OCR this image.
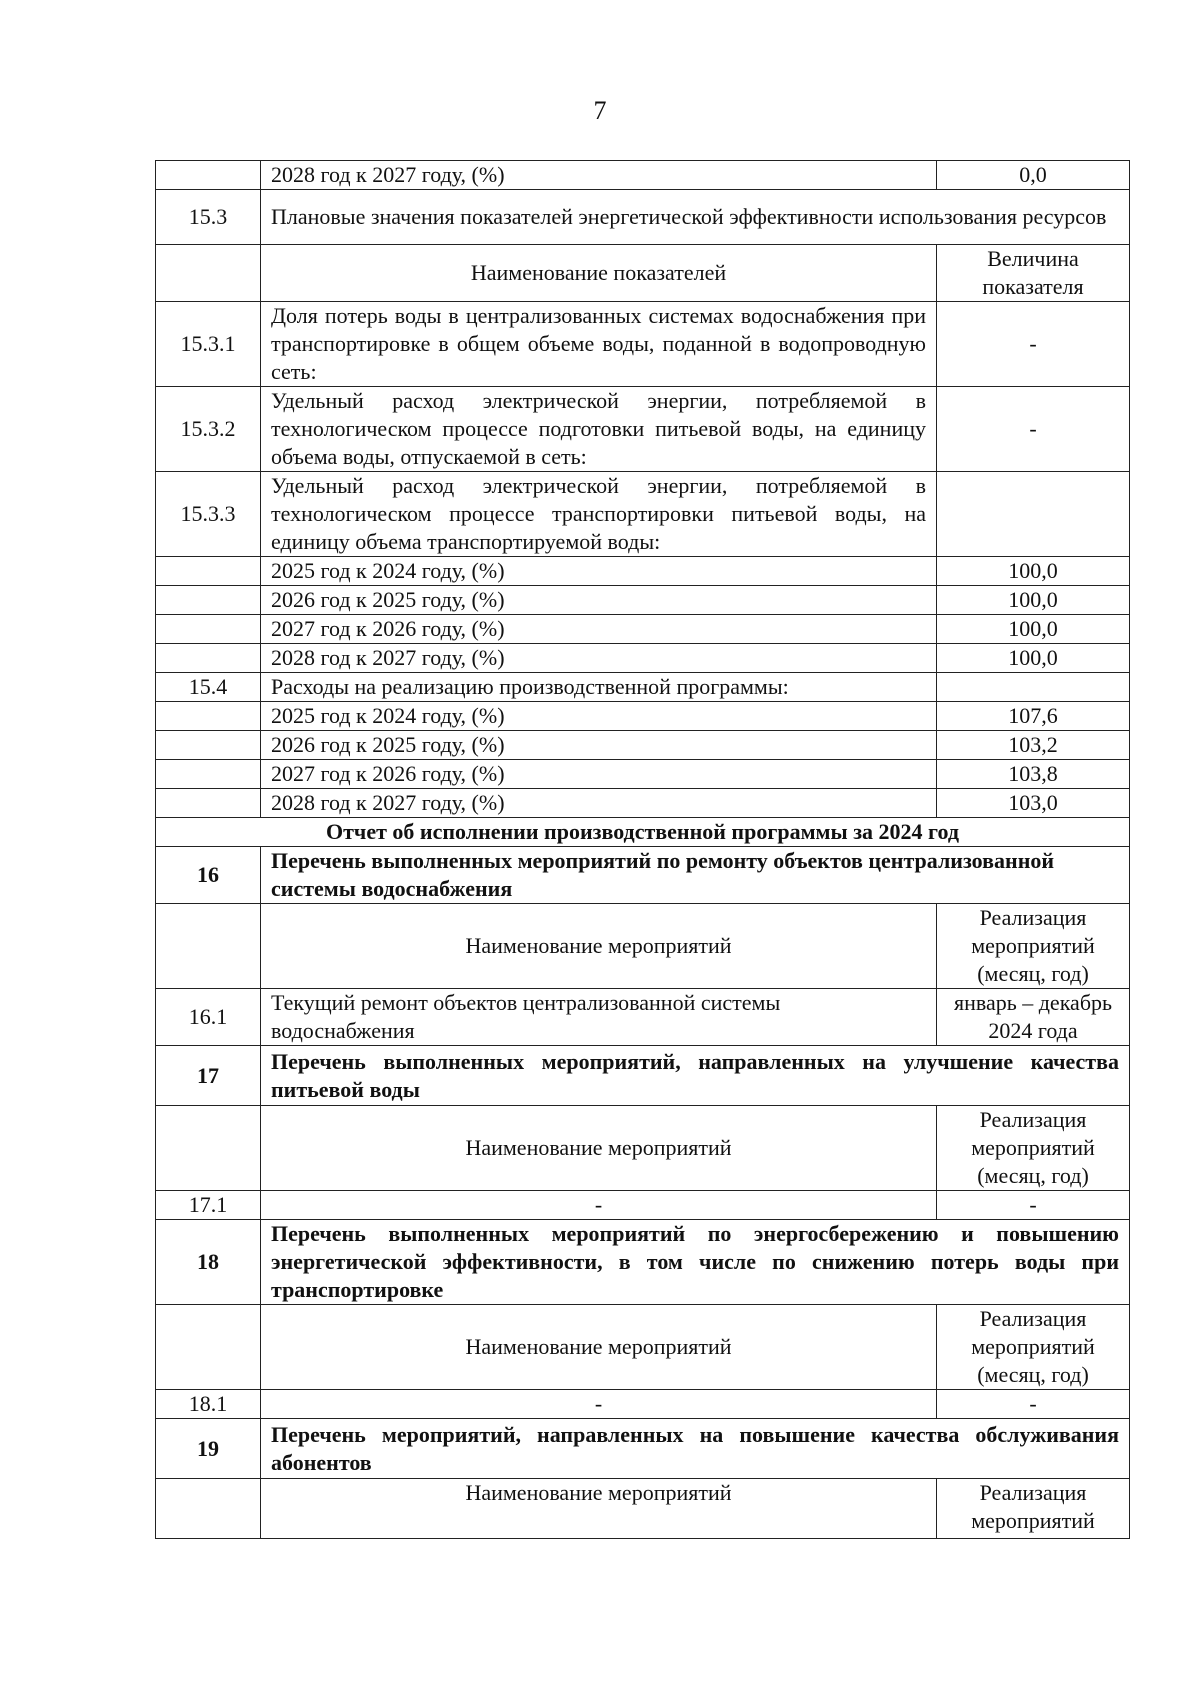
7
	2028 год к 2027 году, (%)	0,0
15.3	Плановые значения показателей энергетической эффективности использования ресурсов	
	Наименование показателей	Величина показателя
15.3.1	Доля потерь воды в централизованных системах водоснабжения при транспортировке в общем объеме воды, поданной в водопроводную сеть:	-
15.3.2	Удельный расход электрической энергии, потребляемой в технологическом процессе подготовки питьевой воды, на единицу объема воды, отпускаемой в сеть:	-
15.3.3	Удельный расход электрической энергии, потребляемой в технологическом процессе транспортировки питьевой воды, на единицу объема транспортируемой воды:	
	2025 год к 2024 году, (%)	100,0
	2026 год к 2025 году, (%)	100,0
	2027 год к 2026 году, (%)	100,0
	2028 год к 2027 году, (%)	100,0
15.4	Расходы на реализацию производственной программы:	
	2025 год к 2024 году, (%)	107,6
	2026 год к 2025 году, (%)	103,2
	2027 год к 2026 году, (%)	103,8
	2028 год к 2027 году, (%)	103,0
Отчет об исполнении производственной программы за 2024 год		
16	Перечень выполненных мероприятий по ремонту объектов централизованной системы водоснабжения	
	Наименование мероприятий	Реализация мероприятий (месяц, год)
16.1	Текущий ремонт объектов централизованной системы водоснабжения	январь – декабрь 2024 года
17	Перечень выполненных мероприятий, направленных на улучшение качества питьевой воды	
	Наименование мероприятий	Реализация мероприятий (месяц, год)
17.1	-	-
18	Перечень выполненных мероприятий по энергосбережению и повышению энергетической эффективности, в том числе по снижению потерь воды при транспортировке	
	Наименование мероприятий	Реализация мероприятий (месяц, год)
18.1	-	-
19	Перечень мероприятий, направленных на повышение качества обслуживания абонентов	
	Наименование мероприятий	Реализация мероприятий
